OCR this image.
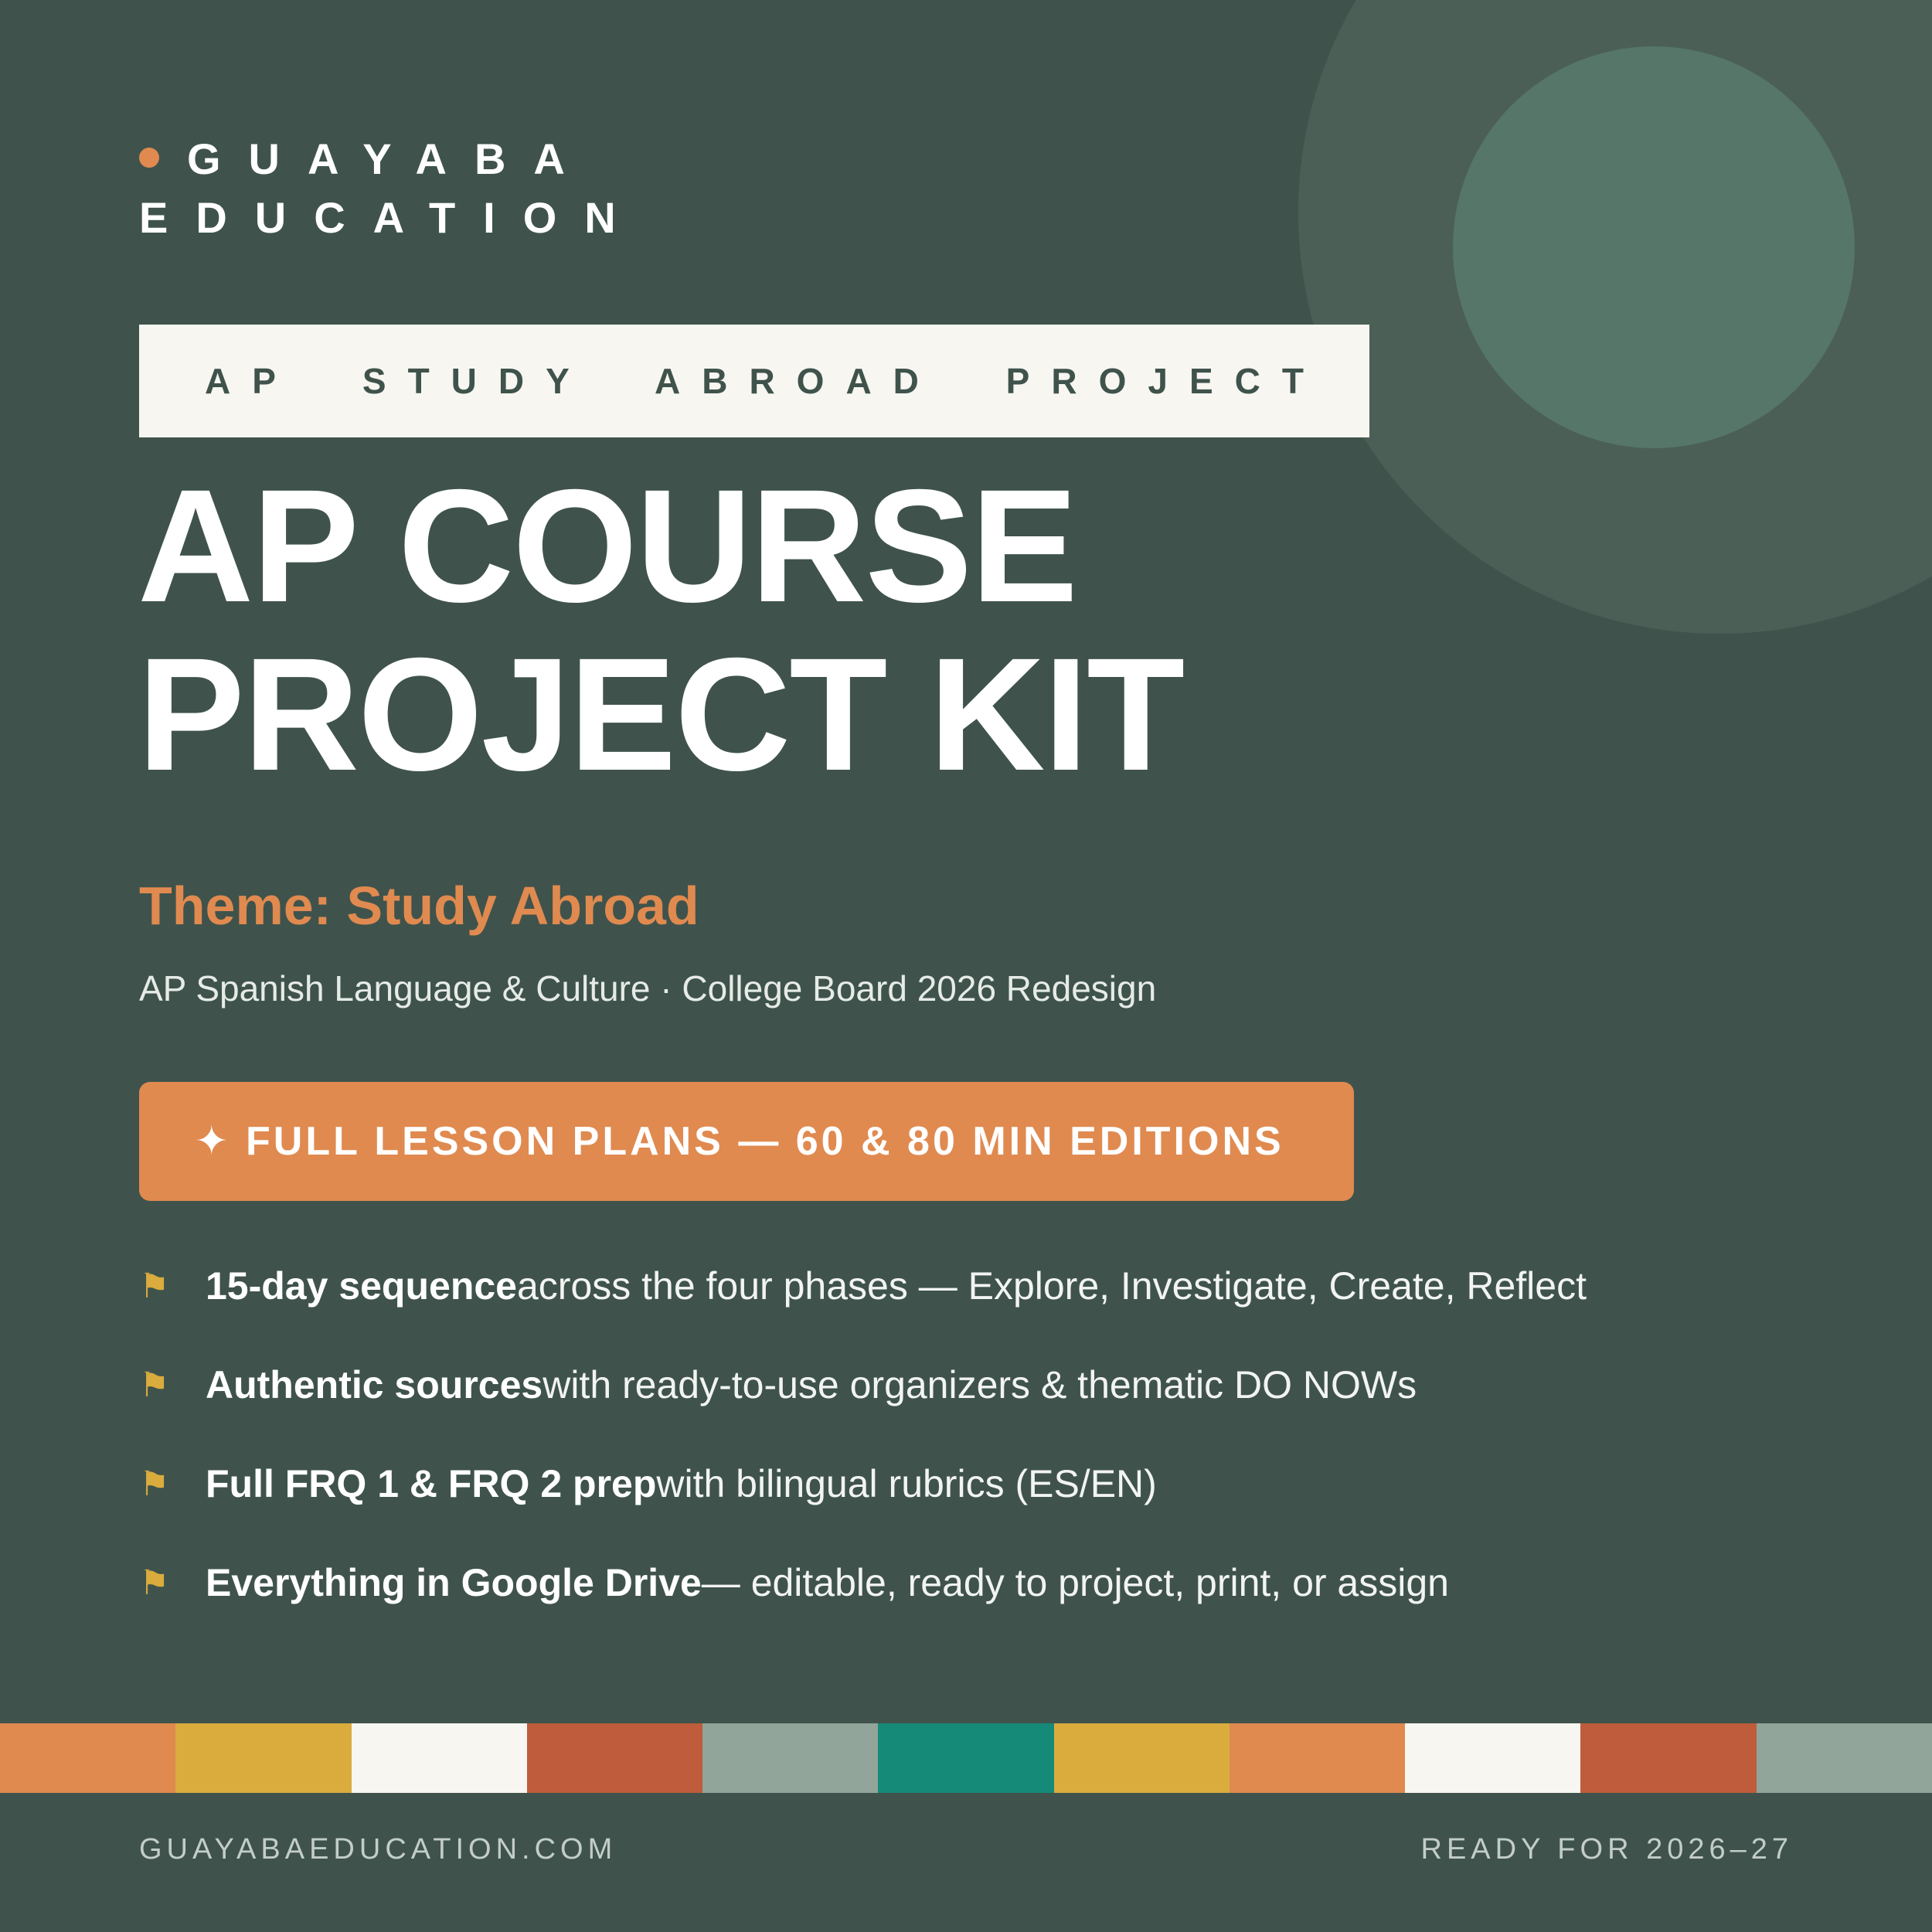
GUAYABA
EDUCATION
AP STUDY ABROAD PROJECT
AP COURSE
PROJECT KIT
Theme: Study Abroad
AP Spanish Language & Culture · College Board 2026 Redesign
✦ FULL LESSON PLANS — 60 & 80 MIN EDITIONS
⚑ 15-day sequence across the four phases — Explore, Investigate, Create, Reflect
⚑ Authentic sources with ready-to-use organizers & thematic DO NOWs
⚑ Full FRQ 1 & FRQ 2 prep with bilingual rubrics (ES/EN)
⚑ Everything in Google Drive — editable, ready to project, print, or assign
GUAYABAEDUCATION.COM	READY FOR 2026–27
